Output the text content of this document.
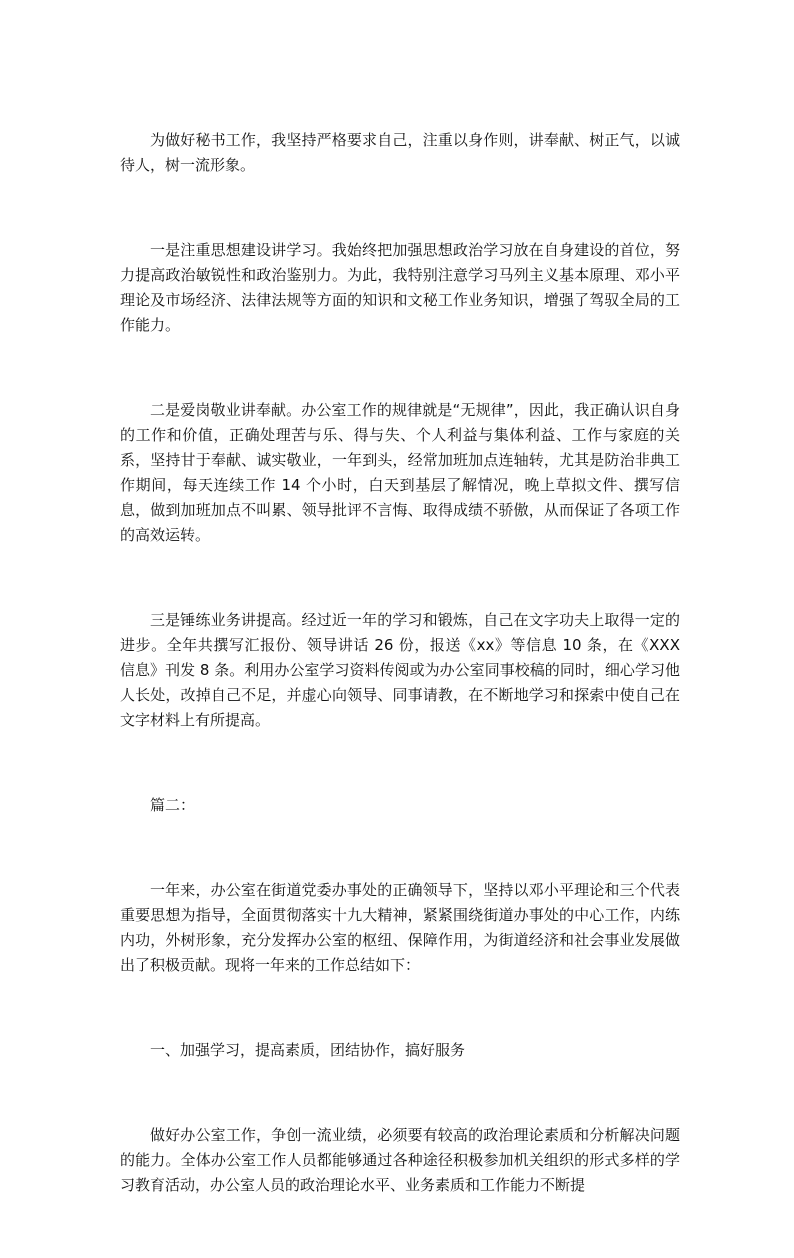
为做好秘书工作，我坚持严格要求自己，注重以身作则，讲奉献、树正气，以诚待人，树一流形象。

一是注重思想建设讲学习。我始终把加强思想政治学习放在自身建设的首位，努力提高政治敏锐性和政治鉴别力。为此，我特别注意学习马列主义基本原理、邓小平理论及市场经济、法律法规等方面的知识和文秘工作业务知识，增强了驾驭全局的工作能力。

二是爱岗敬业讲奉献。办公室工作的规律就是“无规律”，因此，我正确认识自身的工作和价值，正确处理苦与乐、得与失、个人利益与集体利益、工作与家庭的关系，坚持甘于奉献、诚实敬业，一年到头，经常加班加点连轴转，尤其是防治非典工作期间，每天连续工作 14 个小时，白天到基层了解情况，晚上草拟文件、撰写信息，做到加班加点不叫累、领导批评不言悔、取得成绩不骄傲，从而保证了各项工作的高效运转。

三是锤练业务讲提高。经过近一年的学习和锻炼，自己在文字功夫上取得一定的进步。全年共撰写汇报份、领导讲话 26 份，报送《xx》等信息 10 条，在《XXX 信息》刊发 8 条。利用办公室学习资料传阅或为办公室同事校稿的同时，细心学习他人长处，改掉自己不足，并虚心向领导、同事请教，在不断地学习和探索中使自己在文字材料上有所提高。

篇二：

一年来，办公室在街道党委办事处的正确领导下，坚持以邓小平理论和三个代表重要思想为指导，全面贯彻落实十九大精神，紧紧围绕街道办事处的中心工作，内练内功，外树形象，充分发挥办公室的枢纽、保障作用，为街道经济和社会事业发展做出了积极贡献。现将一年来的工作总结如下：

一、加强学习，提高素质，团结协作，搞好服务

做好办公室工作，争创一流业绩，必须要有较高的政治理论素质和分析解决问题的能力。全体办公室工作人员都能够通过各种途径积极参加机关组织的形式多样的学习教育活动，办公室人员的政治理论水平、业务素质和工作能力不断提
